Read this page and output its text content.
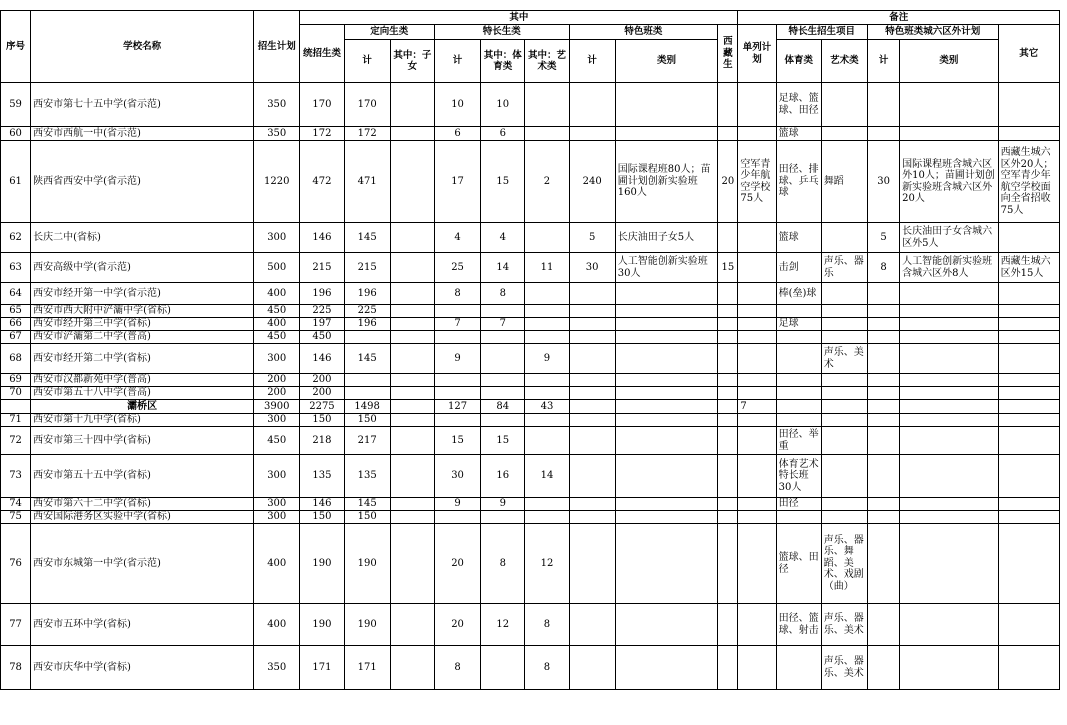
序号	学校名称	招生计划	其中									备注					
			统招生类	定向生类		特长生类			特色班类		西藏生	单列计划	特长生招生项目		特色班类城六区外计划		其它
				计	其中：子女	计	其中：体育类	其中：艺术类	计	类别			体育类	艺术类	计	类别	
59	西安市第七十五中学(省示范)	350	170	170		10	10						足球、篮球、田径				
60	西安市西航一中(省示范)	350	172	172		6	6						篮球				
61	陕西省西安中学(省示范)	1220	472	471		17	15	2	240	国际课程班80人；苗圃计划创新实验班160人	20	空军青少年航空学校75人	田径、排球、乒乓球	舞蹈	30	国际课程班含城六区外10人；苗圃计划创新实验班含城六区外20人	西藏生城六区外20人；空军青少年航空学校面向全省招收75人
62	长庆二中(省标)	300	146	145		4	4		5	长庆油田子女5人			篮球		5	长庆油田子女含城六区外5人	
63	西安高级中学(省示范)	500	215	215		25	14	11	30	人工智能创新实验班30人	15		击剑	声乐、器乐	8	人工智能创新实验班含城六区外8人	西藏生城六区外15人
64	西安市经开第一中学(省示范)	400	196	196		8	8						棒(垒)球				
65	西安市西大附中浐灞中学(省标)	450	225	225													
66	西安市经开第三中学(省标)	400	197	196		7	7						足球				
67	西安市浐灞第二中学(普高)	450	450														
68	西安市经开第二中学(省标)	300	146	145		9		9						声乐、美术			
69	西安市汉都新苑中学(普高)	200	200														
70	西安市第五十八中学(普高)	200	200														
	灞桥区	3900	2275	1498		127	84	43				7					
71	西安市第十九中学(省标)	300	150	150													
72	西安市第三十四中学(省标)	450	218	217		15	15						田径、举重				
73	西安市第五十五中学(省标)	300	135	135		30	16	14					体育艺术特长班30人				
74	西安市第六十二中学(省标)	300	146	145		9	9						田径				
75	西安国际港务区实验中学(省标)	300	150	150													
76	西安市东城第一中学(省示范)	400	190	190		20	8	12					篮球、田径	声乐、器乐、舞蹈、美术、戏剧（曲）			
77	西安市五环中学(省标)	400	190	190		20	12	8					田径、篮球、射击	声乐、器乐、美术			
78	西安市庆华中学(省标)	350	171	171		8		8						声乐、器乐、美术			
